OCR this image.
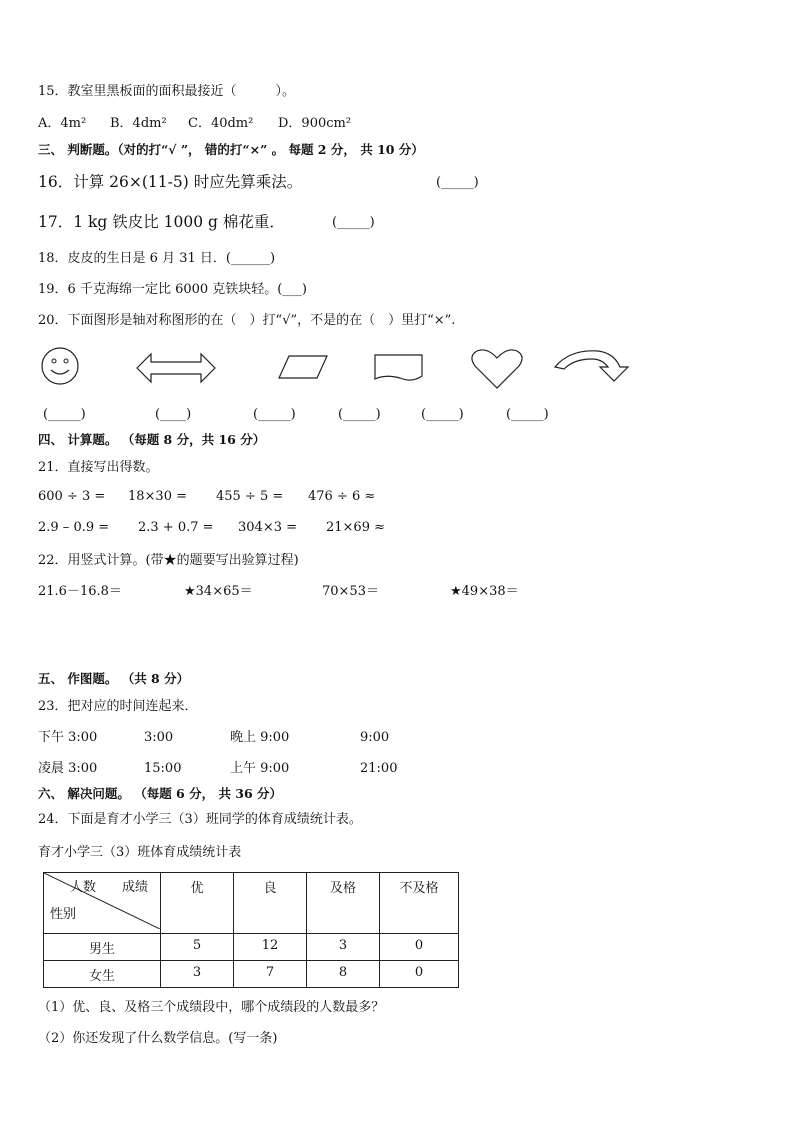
15．教室里黑板面的面积最接近（　　　）。
A．4m² B．4dm² C．40dm² D．900cm²
三、 判断题。（对的打“√ ”， 错的打“×” 。 每题 2 分， 共 10 分）
16．计算 26×(11-5) 时应先算乘法。	(_____)
17．1 kg 铁皮比 1000 g 棉花重．	(_____)
18．皮皮的生日是 6 月 31 日．(______)
19．6 千克海绵一定比 6000 克铁块轻。(___)
20．下面图形是轴对称图形的在（　）打“√”，不是的在（　）里打“×”.
(_____)	(____)	(_____)	(_____)	(_____)	(_____)
四、 计算题。 （每题 8 分，共 16 分）
21．直接写出得数。
600 ÷ 3 = 18×30 = 455 ÷ 5 = 476 ÷ 6 ≈
2.9 – 0.9 = 2.3 + 0.7 = 304×3 = 21×69 ≈
22．用竖式计算。(带★的题要写出验算过程)
21.6－16.8＝	★34×65＝	70×53＝	★49×38＝
五、 作图题。 （共 8 分）
23．把对应的时间连起来．
下午 3:00	3:00	晚上 9:00	9:00
凌晨 3:00	15:00	上午 9:00	21:00
六、 解决问题。 （每题 6 分， 共 36 分）
24．下面是育才小学三（3）班同学的体育成绩统计表。
育才小学三（3）班体育成绩统计表
人数 成绩
性别	优	良	及格	不及格
男生	5	12	3	0
女生	3	7	8	0
（1）优、良、及格三个成绩段中，哪个成绩段的人数最多？
（2）你还发现了什么数学信息。(写一条)
